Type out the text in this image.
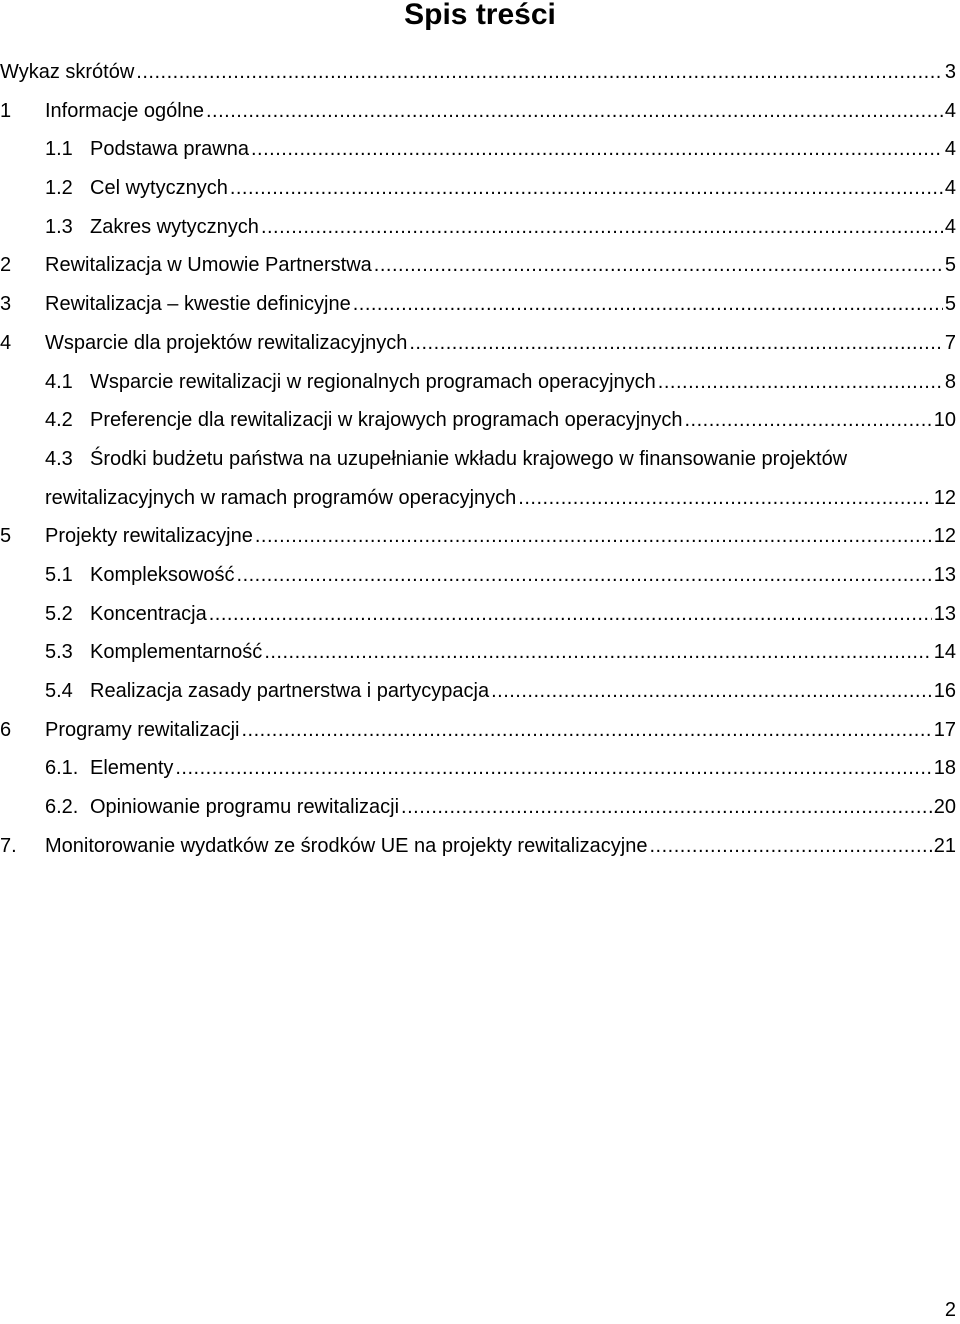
Spis treści
Wykaz skrótów .....	3
1	Informacje ogólne .....	4
1.1 Podstawa prawna .....	4
1.2 Cel wytycznych .....	4
1.3 Zakres wytycznych .....	4
2	Rewitalizacja w Umowie Partnerstwa .....	5
3	Rewitalizacja – kwestie definicyjne .....	5
4	Wsparcie dla projektów rewitalizacyjnych .....	7
4.1 Wsparcie rewitalizacji w regionalnych programach operacyjnych .....	8
4.2 Preferencje dla rewitalizacji w krajowych programach operacyjnych .....	10
4.3 Środki budżetu państwa na uzupełnianie wkładu krajowego w finansowanie projektów
rewitalizacyjnych w ramach programów operacyjnych .....	12
5	Projekty rewitalizacyjne .....	12
5.1 Kompleksowość .....	13
5.2 Koncentracja .....	13
5.3 Komplementarność .....	14
5.4 Realizacja zasady partnerstwa i partycypacja .....	16
6	Programy rewitalizacji .....	17
6.1. Elementy .....	18
6.2. Opiniowanie programu rewitalizacji .....	20
7.	Monitorowanie wydatków ze środków UE na projekty rewitalizacyjne .....	21
2
